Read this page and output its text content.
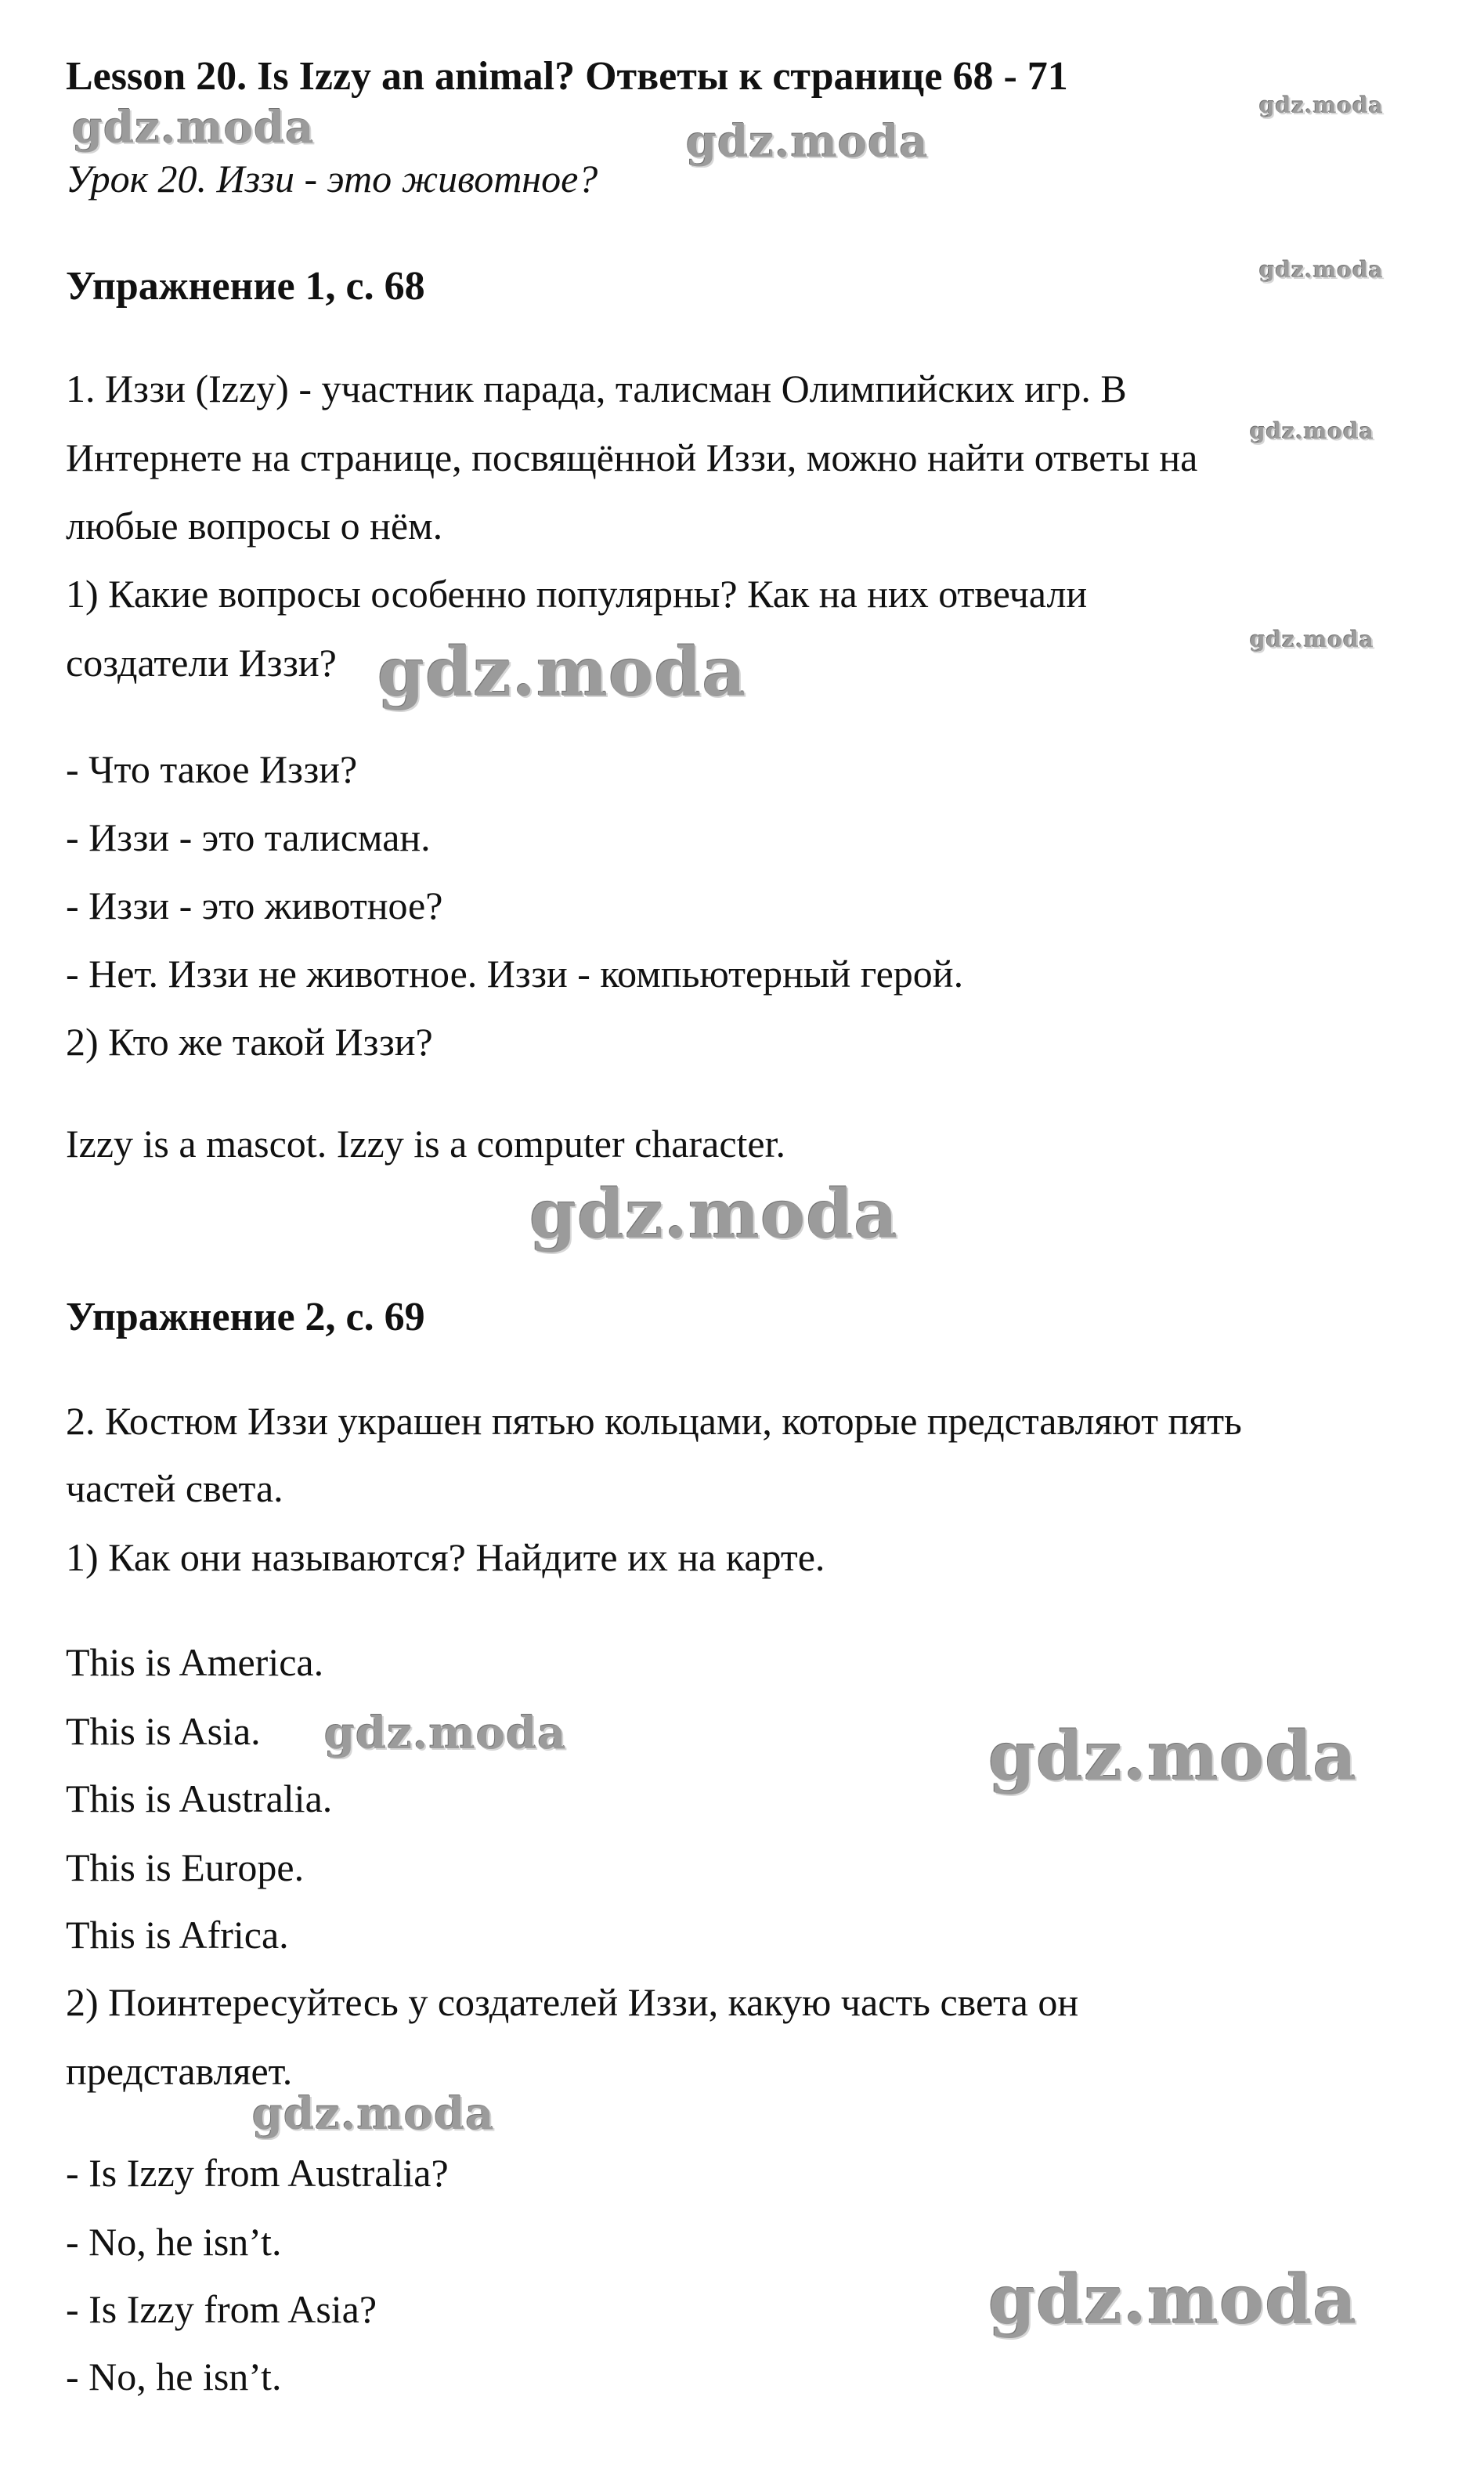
Lesson 20. Is Izzy an animal? Ответы к странице 68 - 71

Урок 20. Иззи - это животное?

Упражнение 1, с. 68

1. Иззи (Izzy) - участник парада, талисман Олимпийских игр. В

Интернете на странице, посвящённой Иззи, можно найти ответы на

любые вопросы о нём.

1) Какие вопросы особенно популярны? Как на них отвечали

создатели Иззи?

- Что такое Иззи?

- Иззи - это талисман.

- Иззи - это животное?

- Нет. Иззи не животное. Иззи - компьютерный герой.

2) Кто же такой Иззи?

Izzy is a mascot. Izzy is a computer character.

Упражнение 2, с. 69

2. Костюм Иззи украшен пятью кольцами, которые представляют пять

частей света.

1) Как они называются? Найдите их на карте.

This is America.

This is Asia.

This is Australia.

This is Europe.

This is Africa.

2) Поинтересуйтесь у создателей Иззи, какую часть света он

представляет.

- Is Izzy from Australia?

- No, he isn’t.

- Is Izzy from Asia?

- No, he isn’t.

gdz.moda	gdz.moda
gdz.moda
gdz.moda
gdz.moda
gdz.moda
gdz.moda
gdz.moda
gdz.moda	gdz.moda
gdz.moda
gdz.moda
